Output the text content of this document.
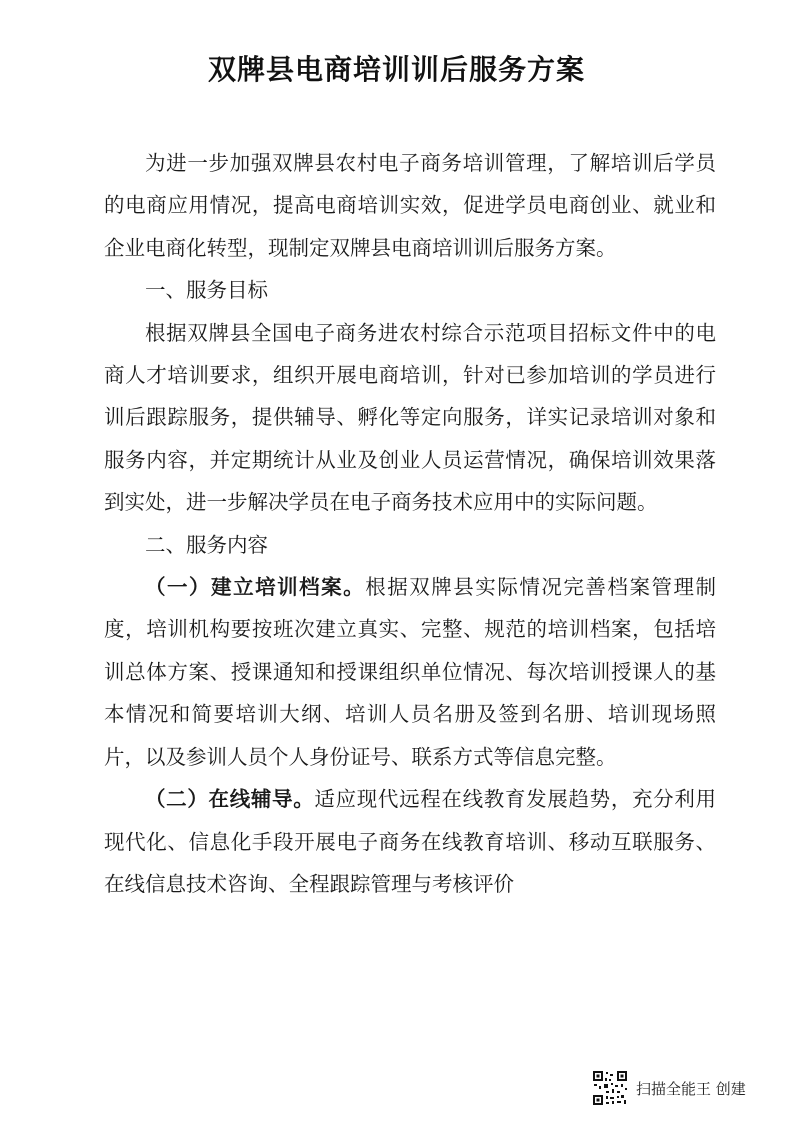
双牌县电商培训训后服务方案

为进一步加强双牌县农村电子商务培训管理，了解培训后学员的电商应用情况，提高电商培训实效，促进学员电商创业、就业和企业电商化转型，现制定双牌县电商培训训后服务方案。

一、服务目标

根据双牌县全国电子商务进农村综合示范项目招标文件中的电商人才培训要求，组织开展电商培训，针对已参加培训的学员进行训后跟踪服务，提供辅导、孵化等定向服务，详实记录培训对象和服务内容，并定期统计从业及创业人员运营情况，确保培训效果落到实处，进一步解决学员在电子商务技术应用中的实际问题。

二、服务内容

（一）建立培训档案。根据双牌县实际情况完善档案管理制度，培训机构要按班次建立真实、完整、规范的培训档案，包括培训总体方案、授课通知和授课组织单位情况、每次培训授课人的基本情况和简要培训大纲、培训人员名册及签到名册、培训现场照片，以及参训人员个人身份证号、联系方式等信息完整。

（二）在线辅导。适应现代远程在线教育发展趋势，充分利用现代化、信息化手段开展电子商务在线教育培训、移动互联服务、在线信息技术咨询、全程跟踪管理与考核评价

扫描全能王 创建
